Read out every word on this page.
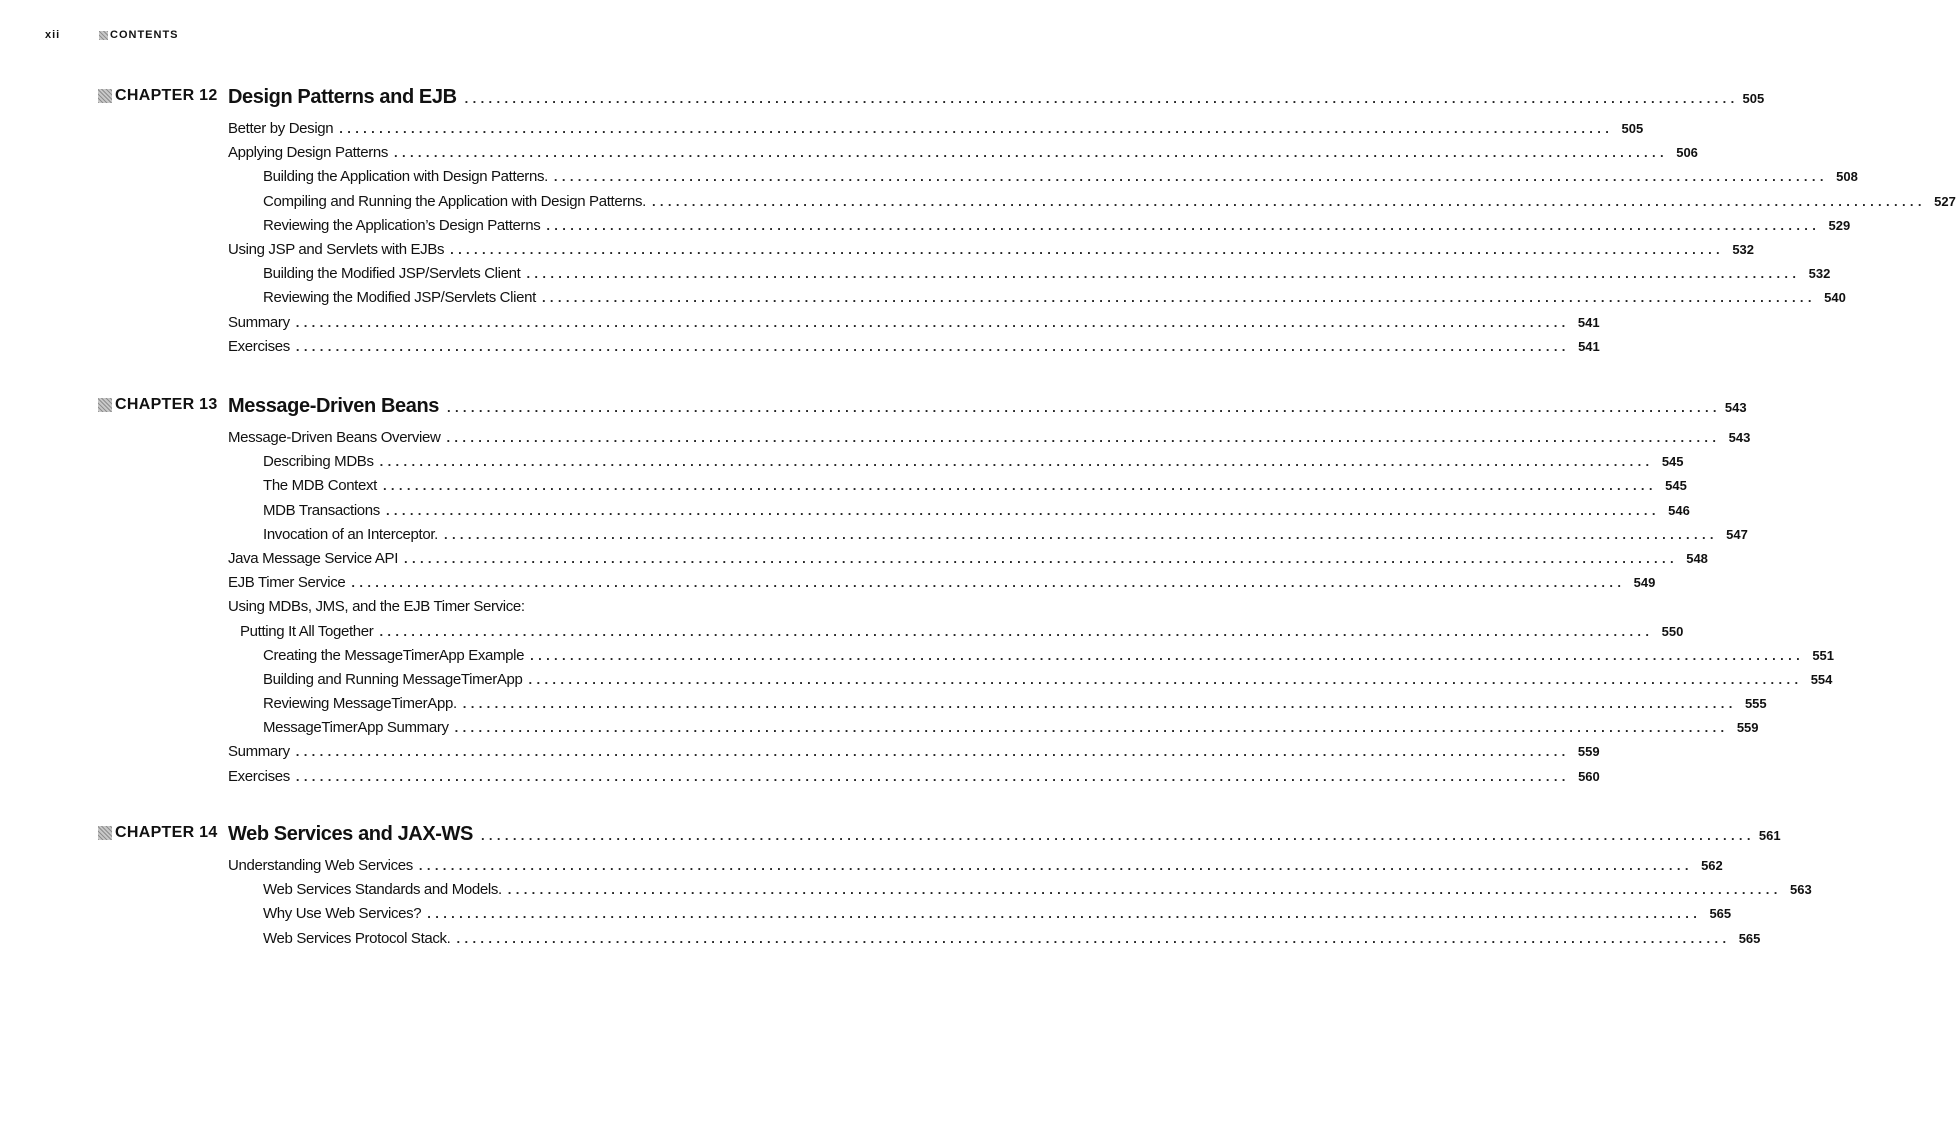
xii	CONTENTS
CHAPTER 12 Design Patterns and EJB ................................................................................................................................................................ 505
Better by Design ................................................................................................................................................................ 505
Applying Design Patterns ................................................................................................................................................................ 506
Building the Application with Design Patterns. ................................................................................................................................................................ 508
Compiling and Running the Application with Design Patterns. ................................................................................................................................................................ 527
Reviewing the Application’s Design Patterns ................................................................................................................................................................ 529
Using JSP and Servlets with EJBs ................................................................................................................................................................ 532
Building the Modified JSP/Servlets Client ................................................................................................................................................................ 532
Reviewing the Modified JSP/Servlets Client ................................................................................................................................................................ 540
Summary ................................................................................................................................................................ 541
Exercises ................................................................................................................................................................ 541
CHAPTER 13 Message-Driven Beans ................................................................................................................................................................ 543
Message-Driven Beans Overview ................................................................................................................................................................ 543
Describing MDBs ................................................................................................................................................................ 545
The MDB Context ................................................................................................................................................................ 545
MDB Transactions ................................................................................................................................................................ 546
Invocation of an Interceptor. ................................................................................................................................................................ 547
Java Message Service API ................................................................................................................................................................ 548
EJB Timer Service ................................................................................................................................................................ 549
Using MDBs, JMS, and the EJB Timer Service:
Putting It All Together ................................................................................................................................................................ 550
Creating the MessageTimerApp Example ................................................................................................................................................................ 551
Building and Running MessageTimerApp ................................................................................................................................................................ 554
Reviewing MessageTimerApp. ................................................................................................................................................................ 555
MessageTimerApp Summary ................................................................................................................................................................ 559
Summary ................................................................................................................................................................ 559
Exercises ................................................................................................................................................................ 560
CHAPTER 14 Web Services and JAX-WS ................................................................................................................................................................ 561
Understanding Web Services ................................................................................................................................................................ 562
Web Services Standards and Models. ................................................................................................................................................................ 563
Why Use Web Services? ................................................................................................................................................................ 565
Web Services Protocol Stack. ................................................................................................................................................................ 565
